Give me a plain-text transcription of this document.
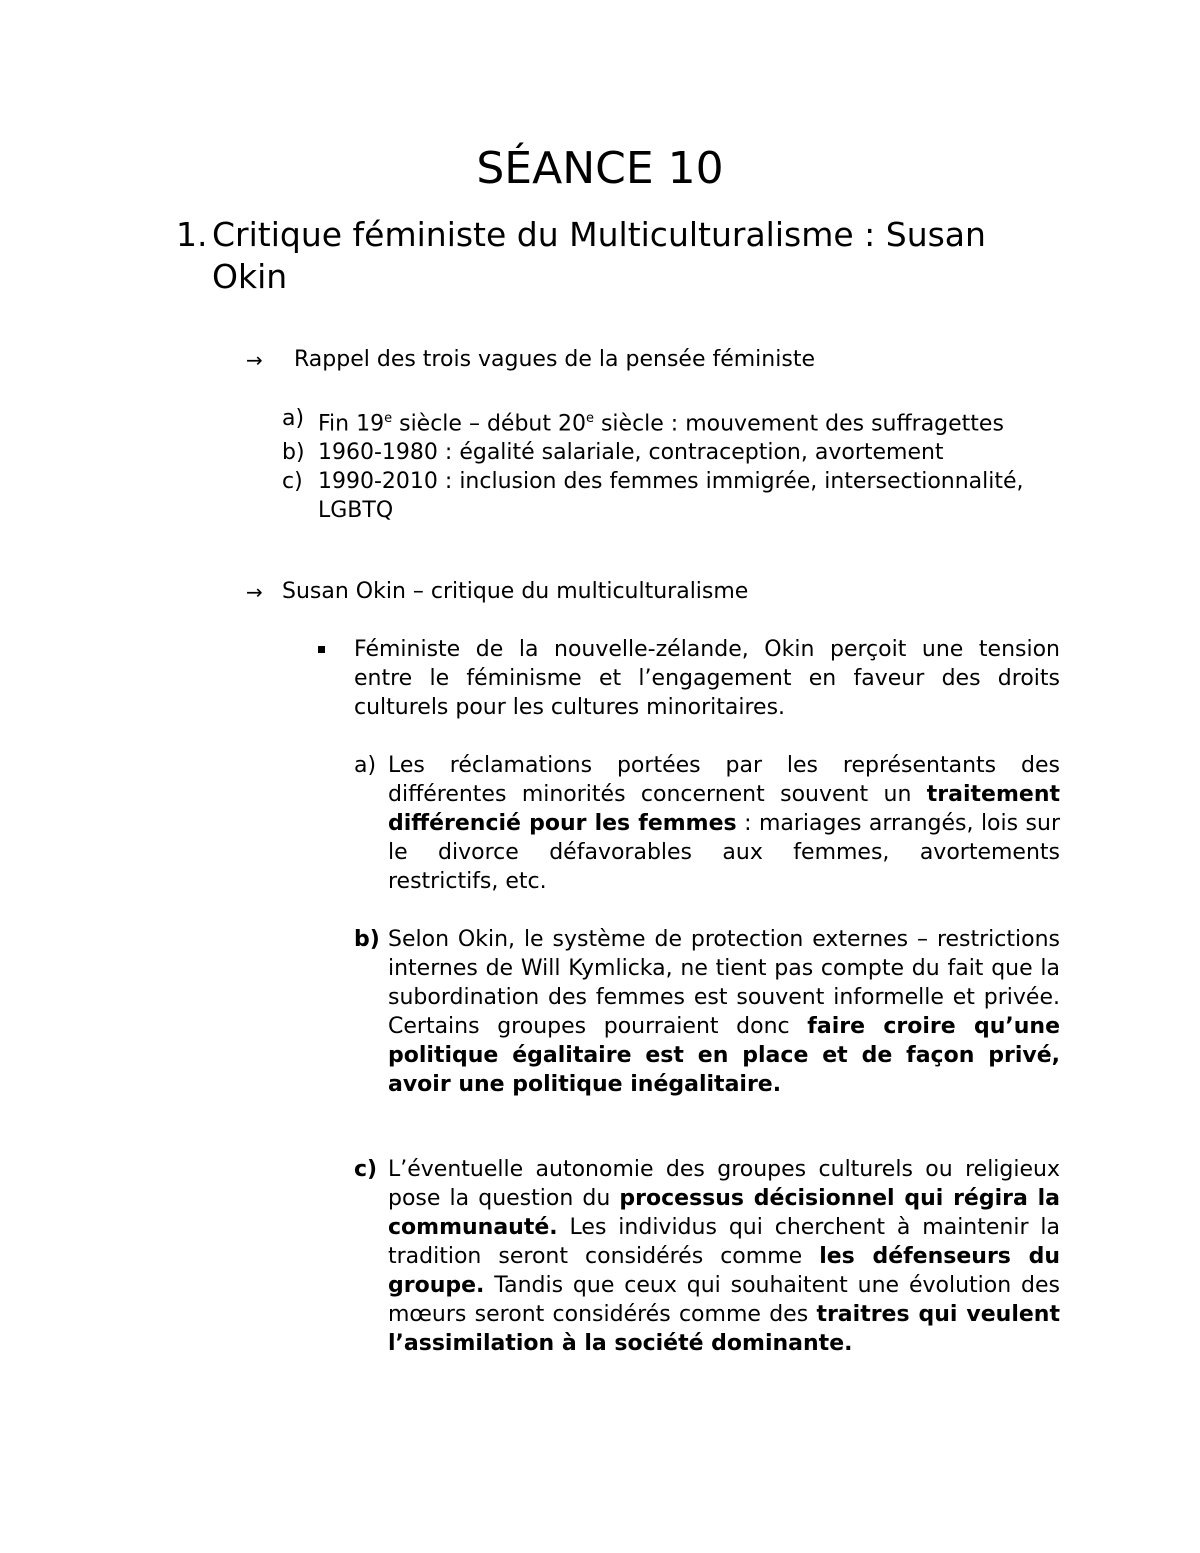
SÉANCE 10
1. Critique féministe du Multiculturalisme : Susan Okin
→ Rappel des trois vagues de la pensée féministe
a) Fin 19e siècle – début 20e siècle : mouvement des suffragettes
b) 1960-1980 : égalité salariale, contraception, avortement
c) 1990-2010 : inclusion des femmes immigrée, intersectionnalité, LGBTQ
→ Susan Okin – critique du multiculturalisme
Féministe de la nouvelle-zélande, Okin perçoit une tension entre le féminisme et l’engagement en faveur des droits culturels pour les cultures minoritaires.
a) Les réclamations portées par les représentants des différentes minorités concernent souvent un traitement différencié pour les femmes : mariages arrangés, lois sur le divorce défavorables aux femmes, avortements restrictifs, etc.
b) Selon Okin, le système de protection externes – restrictions internes de Will Kymlicka, ne tient pas compte du fait que la subordination des femmes est souvent informelle et privée. Certains groupes pourraient donc faire croire qu’une politique égalitaire est en place et de façon privé, avoir une politique inégalitaire.
c) L’éventuelle autonomie des groupes culturels ou religieux pose la question du processus décisionnel qui régira la communauté. Les individus qui cherchent à maintenir la tradition seront considérés comme les défenseurs du groupe. Tandis que ceux qui souhaitent une évolution des mœurs seront considérés comme des traitres qui veulent l’assimilation à la société dominante.
